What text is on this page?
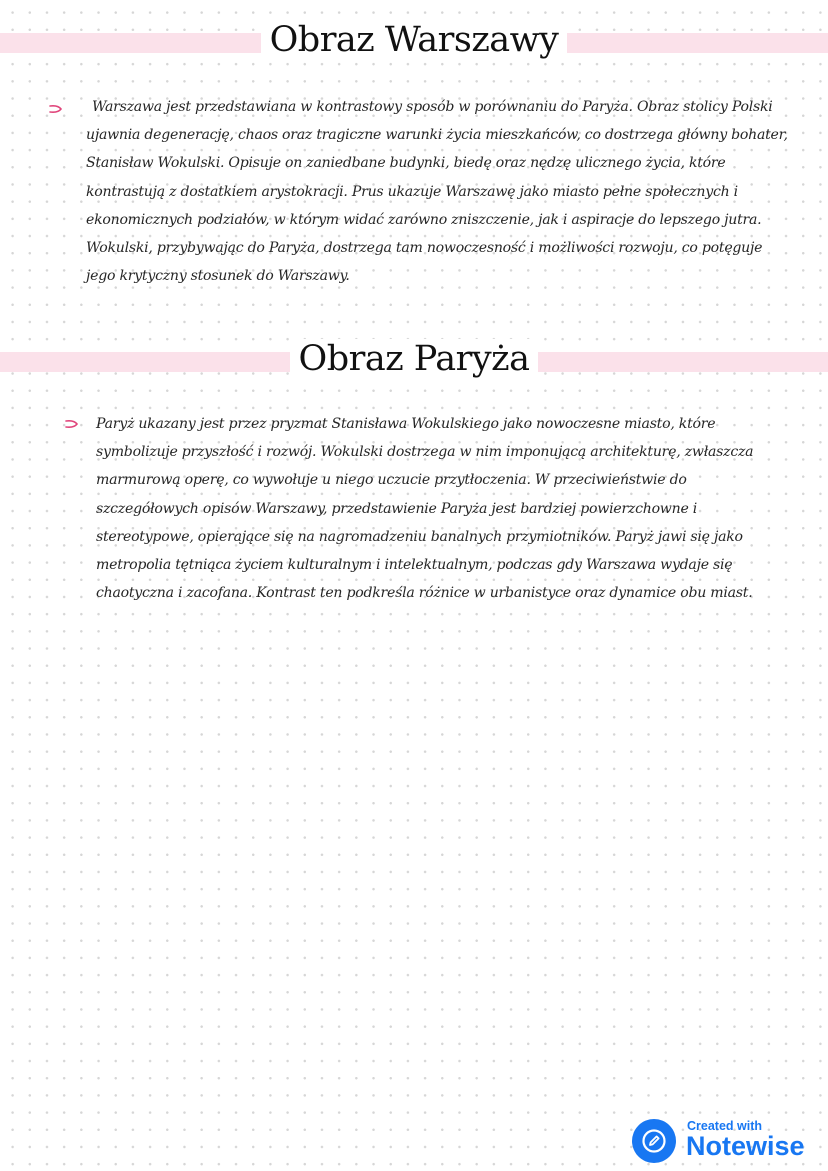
Obraz Warszawy

Warszawa jest przedstawiana w kontrastowy sposób w porównaniu do Paryża. Obraz stolicy Polski ujawnia degenerację, chaos oraz tragiczne warunki życia mieszkańców, co dostrzega główny bohater, Stanisław Wokulski. Opisuje on zaniedbane budynki, biedę oraz nędzę ulicznego życia, które kontrastują z dostatkiem arystokracji. Prus ukazuje Warszawę jako miasto pełne społecznych i ekonomicznych podziałów, w którym widać zarówno zniszczenie, jak i aspiracje do lepszego jutra. Wokulski, przybywając do Paryża, dostrzega tam nowoczesność i możliwości rozwoju, co potęguje jego krytyczny stosunek do Warszawy.

Obraz Paryża

Paryż ukazany jest przez pryzmat Stanisława Wokulskiego jako nowoczesne miasto, które symbolizuje przyszłość i rozwój. Wokulski dostrzega w nim imponującą architekturę, zwłaszcza marmurową operę, co wywołuje u niego uczucie przytłoczenia. W przeciwieństwie do szczegółowych opisów Warszawy, przedstawienie Paryża jest bardziej powierzchowne i stereotypowe, opierające się na nagromadzeniu banalnych przymiotników. Paryż jawi się jako metropolia tętniąca życiem kulturalnym i intelektualnym, podczas gdy Warszawa wydaje się chaotyczna i zacofana. Kontrast ten podkreśla różnice w urbanistyce oraz dynamice obu miast.

Created with
Notewise
